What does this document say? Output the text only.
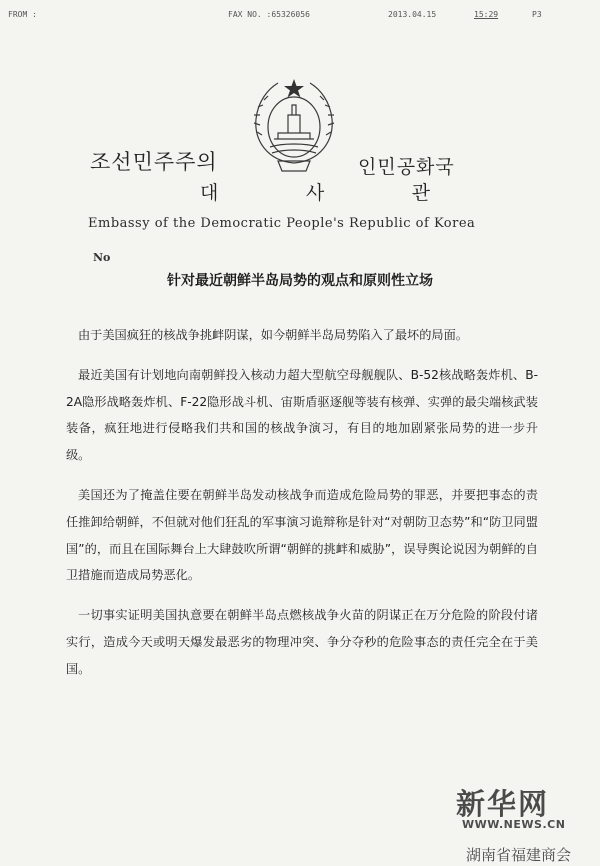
FROM :	FAX NO. :65326056	2013.04.15	15:29	P3
조선민주주의	인민공화국
대	사	관
Embassy of the Democratic People's Republic of Korea
No
针对最近朝鲜半岛局势的观点和原则性立场

由于美国疯狂的核战争挑衅阴谋，如今朝鲜半岛局势陷入了最坏的局面。

最近美国有计划地向南朝鲜投入核动力超大型航空母舰舰队、B-52核战略轰炸机、B-2A隐形战略轰炸机、F-22隐形战斗机、宙斯盾驱逐舰等装有核弹、实弹的最尖端核武装装备，疯狂地进行侵略我们共和国的核战争演习，有目的地加剧紧张局势的进一步升级。

美国还为了掩盖住要在朝鲜半岛发动核战争而造成危险局势的罪恶，并要把事态的责任推卸给朝鲜，不但就对他们狂乱的军事演习诡辩称是针对“对朝防卫态势”和“防卫同盟国”的，而且在国际舞台上大肆鼓吹所谓“朝鲜的挑衅和威胁”，误导舆论说因为朝鲜的自卫措施而造成局势恶化。

一切事实证明美国执意要在朝鲜半岛点燃核战争火苗的阴谋正在万分危险的阶段付诸实行，造成今天或明天爆发最恶劣的物理冲突、争分夺秒的危险事态的责任完全在于美国。

新华网
WWW.NEWS.CN
湖南省福建商会
